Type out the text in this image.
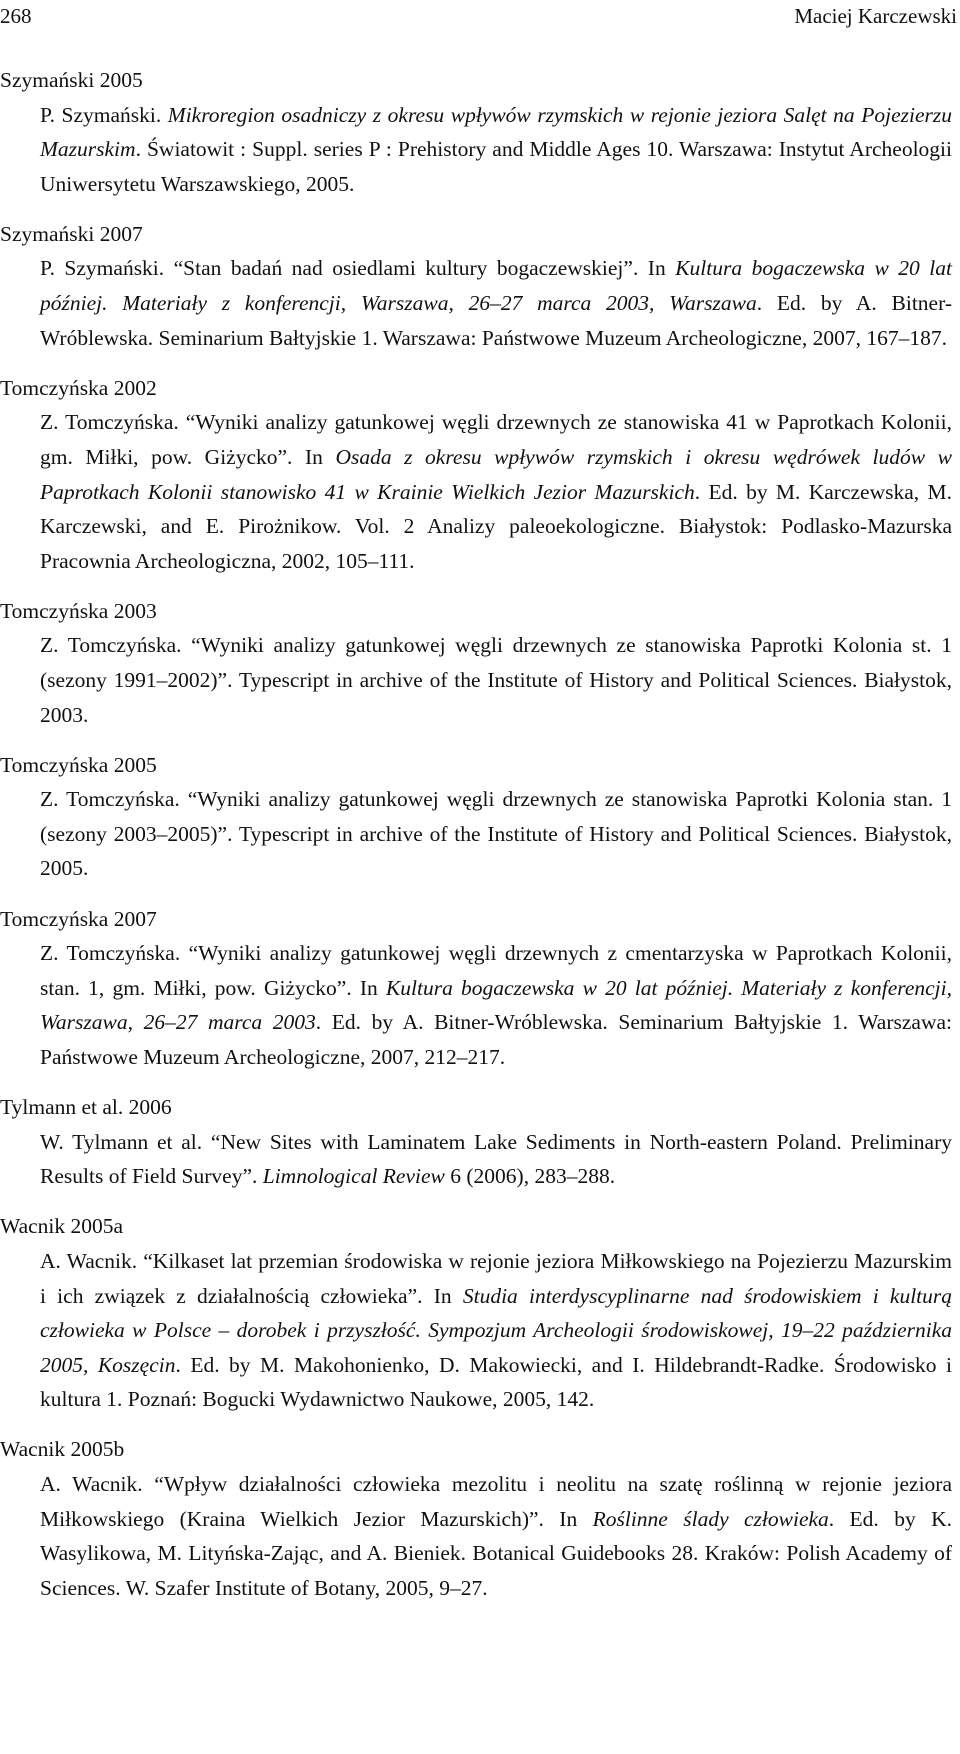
268	Maciej Karczewski
Szymański 2005
P. Szymański. Mikroregion osadniczy z okresu wpływów rzymskich w rejonie jeziora Salęt na Pojezierzu Mazurskim. Światowit : Suppl. series P : Prehistory and Middle Ages 10. Warszawa: Instytut Archeologii Uniwersytetu Warszawskiego, 2005.
Szymański 2007
P. Szymański. “Stan badań nad osiedlami kultury bogaczewskiej”. In Kultura bogaczewska w 20 lat później. Materiały z konferencji, Warszawa, 26–27 marca 2003, Warszawa. Ed. by A. Bitner-Wróblewska. Seminarium Bałtyjskie 1. Warszawa: Państwowe Muzeum Archeologiczne, 2007, 167–187.
Tomczyńska 2002
Z. Tomczyńska. “Wyniki analizy gatunkowej węgli drzewnych ze stanowiska 41 w Paprotkach Kolonii, gm. Miłki, pow. Giżycko”. In Osada z okresu wpływów rzymskich i okresu wędrówek ludów w Paprotkach Kolonii stanowisko 41 w Krainie Wielkich Jezior Mazurskich. Ed. by M. Karczewska, M. Karczewski, and E. Pirożnikow. Vol. 2 Analizy paleoekologiczne. Białystok: Podlasko-Mazurska Pracownia Archeologiczna, 2002, 105–111.
Tomczyńska 2003
Z. Tomczyńska. “Wyniki analizy gatunkowej węgli drzewnych ze stanowiska Paprotki Kolonia st. 1 (sezony 1991–2002)”. Typescript in archive of the Institute of History and Political Sciences. Białystok, 2003.
Tomczyńska 2005
Z. Tomczyńska. “Wyniki analizy gatunkowej węgli drzewnych ze stanowiska Paprotki Kolonia stan. 1 (sezony 2003–2005)”. Typescript in archive of the Institute of History and Political Sciences. Białystok, 2005.
Tomczyńska 2007
Z. Tomczyńska. “Wyniki analizy gatunkowej węgli drzewnych z cmentarzyska w Paprotkach Kolonii, stan. 1, gm. Miłki, pow. Giżycko”. In Kultura bogaczewska w 20 lat później. Materiały z konferencji, Warszawa, 26–27 marca 2003. Ed. by A. Bitner-Wróblewska. Seminarium Bałtyjskie 1. Warszawa: Państwowe Muzeum Archeologiczne, 2007, 212–217.
Tylmann et al. 2006
W. Tylmann et al. “New Sites with Laminatem Lake Sediments in North-eastern Poland. Preliminary Results of Field Survey”. Limnological Review 6 (2006), 283–288.
Wacnik 2005a
A. Wacnik. “Kilkaset lat przemian środowiska w rejonie jeziora Miłkowskiego na Pojezierzu Mazurskim i ich związek z działalnością człowieka”. In Studia interdyscyplinarne nad środowiskiem i kulturą człowieka w Polsce – dorobek i przyszłość. Sympozjum Archeologii środowiskowej, 19–22 października 2005, Koszęcin. Ed. by M. Makohonienko, D. Makowiecki, and I. Hildebrandt-Radke. Środowisko i kultura 1. Poznań: Bogucki Wydawnictwo Naukowe, 2005, 142.
Wacnik 2005b
A. Wacnik. “Wpływ działalności człowieka mezolitu i neolitu na szatę roślinną w rejonie jeziora Miłkowskiego (Kraina Wielkich Jezior Mazurskich)”. In Roślinne ślady człowieka. Ed. by K. Wasylikowa, M. Lityńska-Zając, and A. Bieniek. Botanical Guidebooks 28. Kraków: Polish Academy of Sciences. W. Szafer Institute of Botany, 2005, 9–27.
